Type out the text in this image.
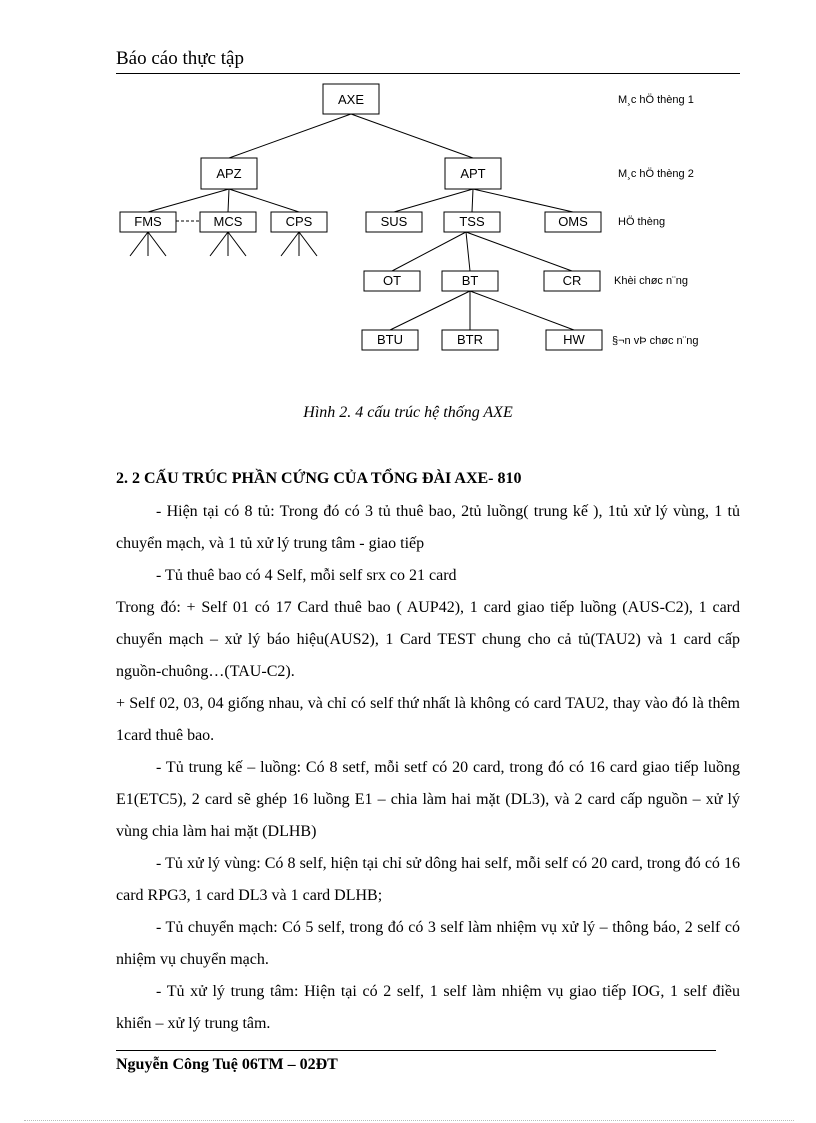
Báo cáo thực tập
AXE
APZ	APT
FMS	MCS	CPS	SUS	TSS	OMS
OT	BT	CR
BTU	BTR	HW
M¸c hÖ thèng 1
M¸c hÖ thèng 2
HÖ thèng
Khèi chøc n¨ng
§¬n vÞ chøc n¨ng
Hình 2. 4 cấu trúc hệ thống AXE
2. 2 CẤU TRÚC PHẦN CỨNG CỦA TỔNG ĐÀI AXE- 810
- Hiện tại có 8 tủ: Trong đó có 3 tủ thuê bao, 2tủ luồng( trung kế ), 1tủ xử lý vùng, 1 tủ chuyển mạch, và 1 tủ xử lý trung tâm - giao tiếp
- Tủ thuê bao có 4 Self, mỗi self srx co 21 card
Trong đó: + Self 01 có 17 Card thuê bao ( AUP42), 1 card giao tiếp luồng (AUS-C2), 1 card chuyển mạch – xử lý báo hiệu(AUS2), 1 Card TEST chung cho cả tủ(TAU2) và 1 card cấp nguồn-chuông…(TAU-C2).
+ Self 02, 03, 04 giống nhau, và chỉ có self thứ nhất là không có card TAU2, thay vào đó là thêm 1card thuê bao.
- Tủ trung kế – luồng: Có 8 setf, mỗi setf có 20 card, trong đó có 16 card giao tiếp luồng E1(ETC5), 2 card sẽ ghép 16 luồng E1 – chia làm hai mặt (DL3), và 2 card cấp nguồn – xử lý vùng chia làm hai mặt (DLHB)
- Tủ xử lý vùng: Có 8 self, hiện tại chỉ sử dông hai self, mỗi self có 20 card, trong đó có 16 card RPG3, 1 card DL3 và 1 card DLHB;
- Tủ chuyển mạch: Có 5 self, trong đó có 3 self làm nhiệm vụ xử lý – thông báo, 2 self có nhiệm vụ chuyển mạch.
- Tủ xử lý trung tâm: Hiện tại có 2 self, 1 self làm nhiệm vụ giao tiếp IOG, 1 self điều khiển – xử lý trung tâm.
Nguyễn Công Tuệ 06TM – 02ĐT
